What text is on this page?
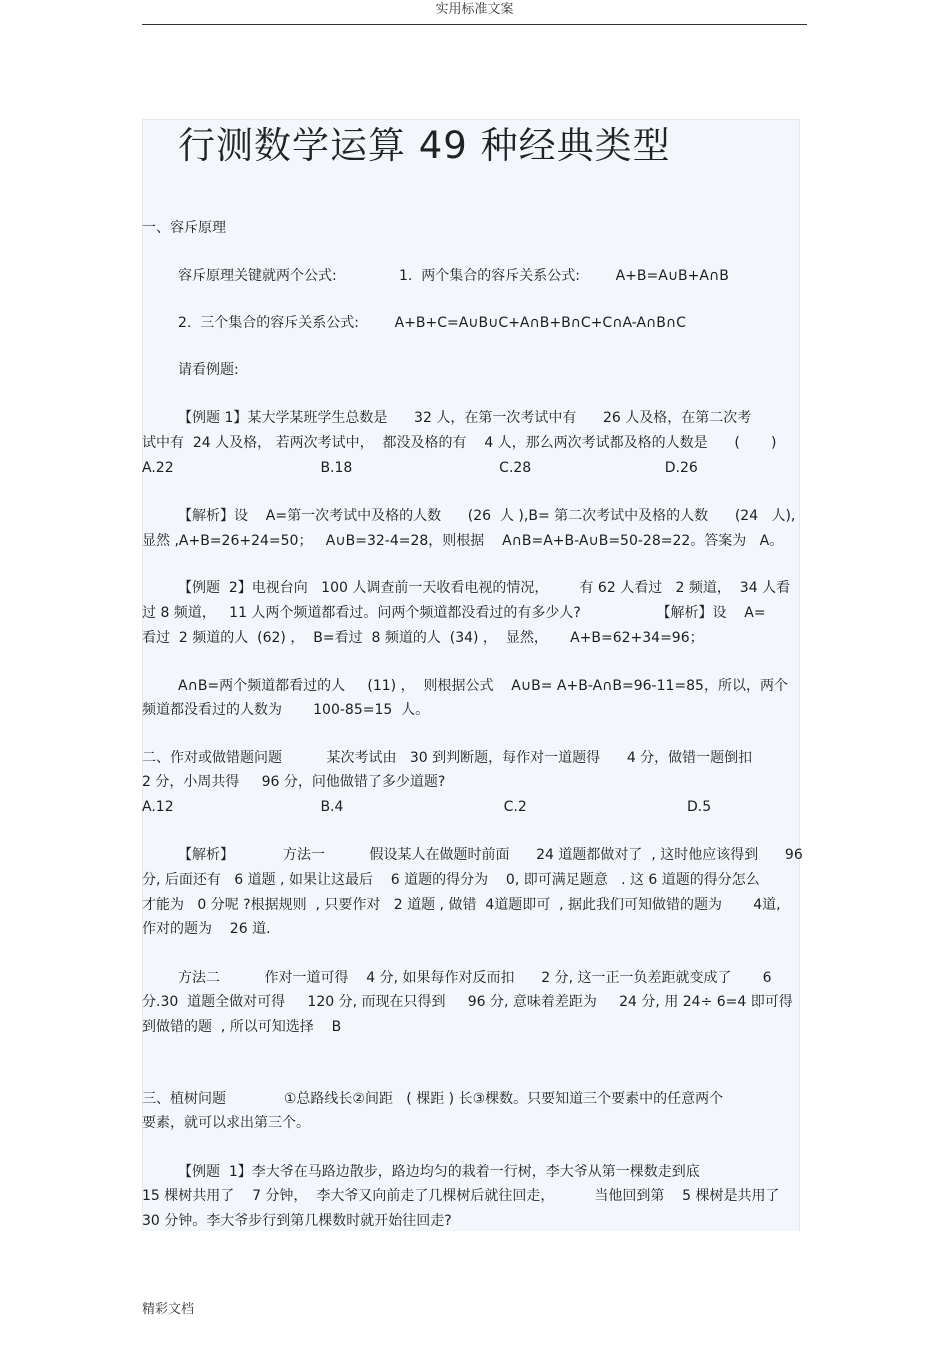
实用标准文案
行测数学运算 49 种经典类型
一、容斥原理
容斥原理关键就两个公式:              1.  两个集合的容斥关系公式:        A+B=A∪B+A∩B
2.  三个集合的容斥关系公式:        A+B+C=A∪B∪C+A∩B+B∩C+C∩A-A∩B∩C
请看例题:
【例题 1】某大学某班学生总数是      32 人，在第一次考试中有      26 人及格，在第二次考
试中有  24 人及格， 若两次考试中，  都没及格的有    4 人，那么两次考试都及格的人数是      (       )
A.22                                 B.18                                 C.28                              D.26
【解析】设    A=第一次考试中及格的人数      (26  人 ),B= 第二次考试中及格的人数      (24   人),
显然 ,A+B=26+24=50；   A∪B=32-4=28，则根据    A∩B=A+B-A∪B=50-28=22。答案为   A。
【例题  2】电视台向   100 人调查前一天收看电视的情况，       有 62 人看过   2 频道，  34 人看
过 8 频道，   11 人两个频道都看过。问两个频道都没看过的有多少人?                 【解析】设    A=
看过  2 频道的人  (62) ，  B=看过  8 频道的人  (34) ，  显然，     A+B=62+34=96；
A∩B=两个频道都看过的人     (11) ，  则根据公式    A∪B= A+B-A∩B=96-11=85，所以，两个
频道都没看过的人数为       100-85=15  人。
二、作对或做错题问题          某次考试由   30 到判断题，每作对一道题得      4 分，做错一题倒扣
2 分，小周共得     96 分，问他做错了多少道题?
A.12                                 B.4                                    C.2                                    D.5
【解析】           方法一          假设某人在做题时前面      24 道题都做对了  , 这时他应该得到      96
分, 后面还有   6 道题 , 如果让这最后    6 道题的得分为    0, 即可满足题意   . 这 6 道题的得分怎么
才能为   0 分呢 ?根据规则  , 只要作对   2 道题 , 做错  4道题即可  , 据此我们可知做错的题为       4道,
作对的题为    26 道.
方法二          作对一道可得    4 分, 如果每作对反而扣      2 分, 这一正一负差距就变成了       6
分.30  道题全做对可得     120 分, 而现在只得到     96 分, 意味着差距为     24 分, 用 24÷ 6=4 即可得
到做错的题  , 所以可知选择    B
三、植树问题             ①总路线长②间距   ( 棵距 ) 长③棵数。只要知道三个要素中的任意两个
要素，就可以求出第三个。
【例题  1】李大爷在马路边散步，路边均匀的栽着一行树，李大爷从第一棵数走到底
15 棵树共用了    7 分钟，  李大爷又向前走了几棵树后就往回走，         当他回到第    5 棵树是共用了
30 分钟。李大爷步行到第几棵数时就开始往回走?
精彩文档
